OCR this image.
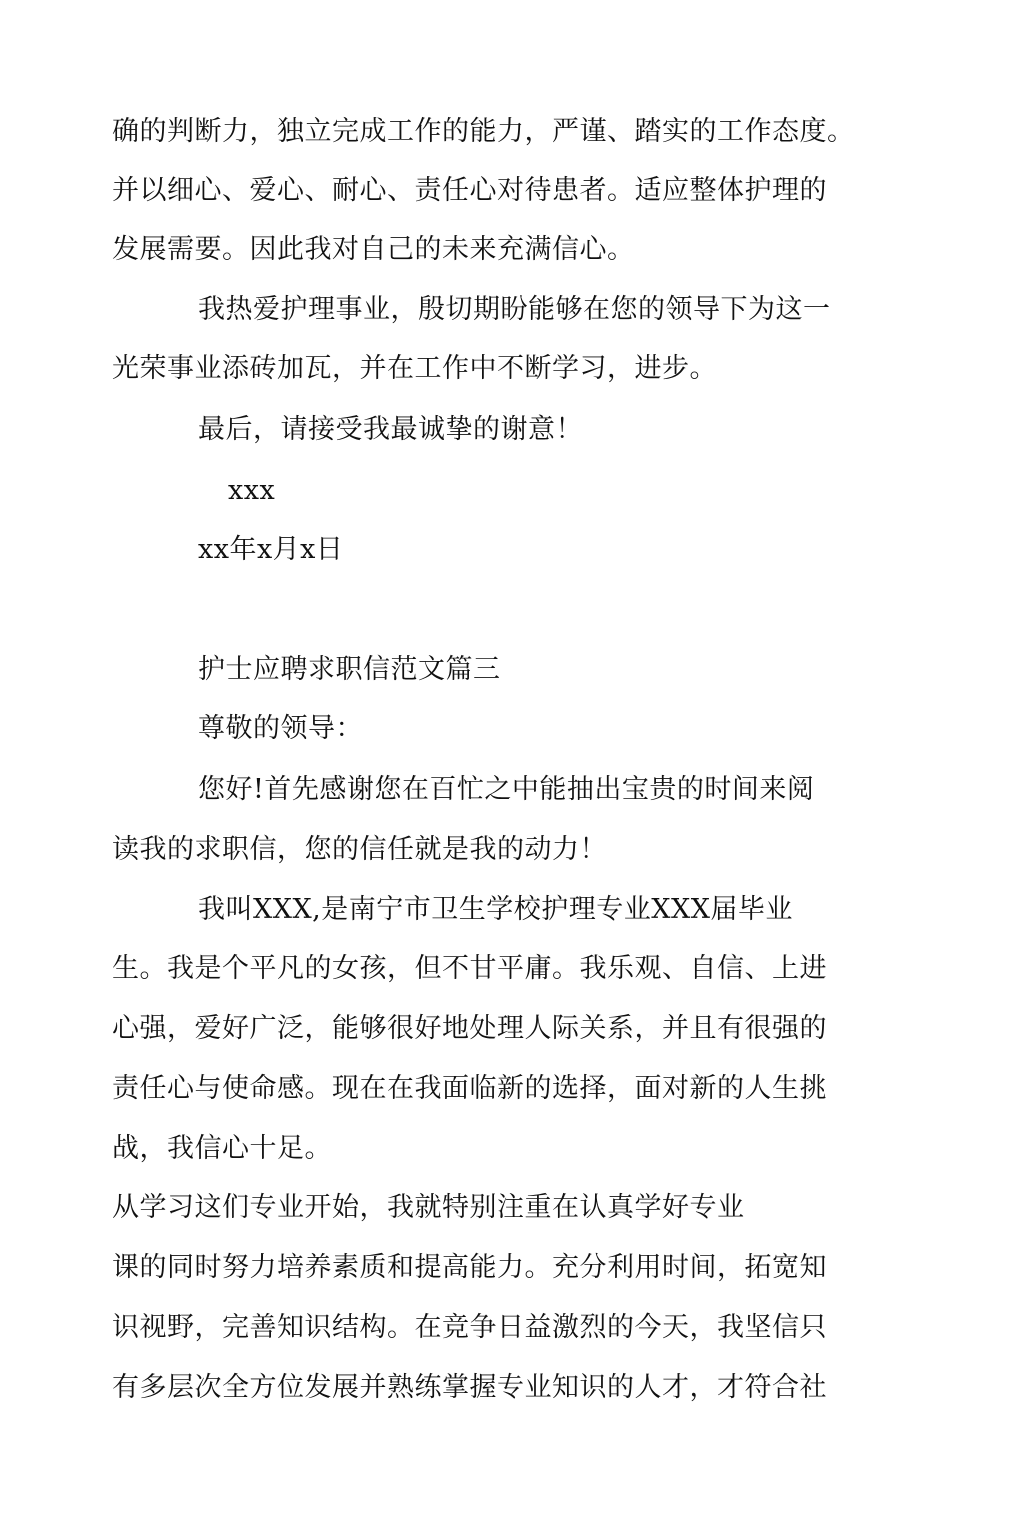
确的判断力，独立完成工作的能力，严谨、踏实的工作态度。
并以细心、爱心、耐心、责任心对待患者。适应整体护理的
发展需要。因此我对自己的未来充满信心。
我热爱护理事业，殷切期盼能够在您的领导下为这一
光荣事业添砖加瓦，并在工作中不断学习，进步。
最后，请接受我最诚挚的谢意！
xxx
xx年x月x日
护士应聘求职信范文篇三
尊敬的领导：
您好!首先感谢您在百忙之中能抽出宝贵的时间来阅
读我的求职信，您的信任就是我的动力！
我叫XXX,是南宁市卫生学校护理专业XXX届毕业
生。我是个平凡的女孩，但不甘平庸。我乐观、自信、上进
心强，爱好广泛，能够很好地处理人际关系，并且有很强的
责任心与使命感。现在在我面临新的选择，面对新的人生挑
战，我信心十足。
从学习这们专业开始，我就特别注重在认真学好专业
课的同时努力培养素质和提高能力。充分利用时间，拓宽知
识视野，完善知识结构。在竞争日益激烈的今天，我坚信只
有多层次全方位发展并熟练掌握专业知识的人才，才符合社
